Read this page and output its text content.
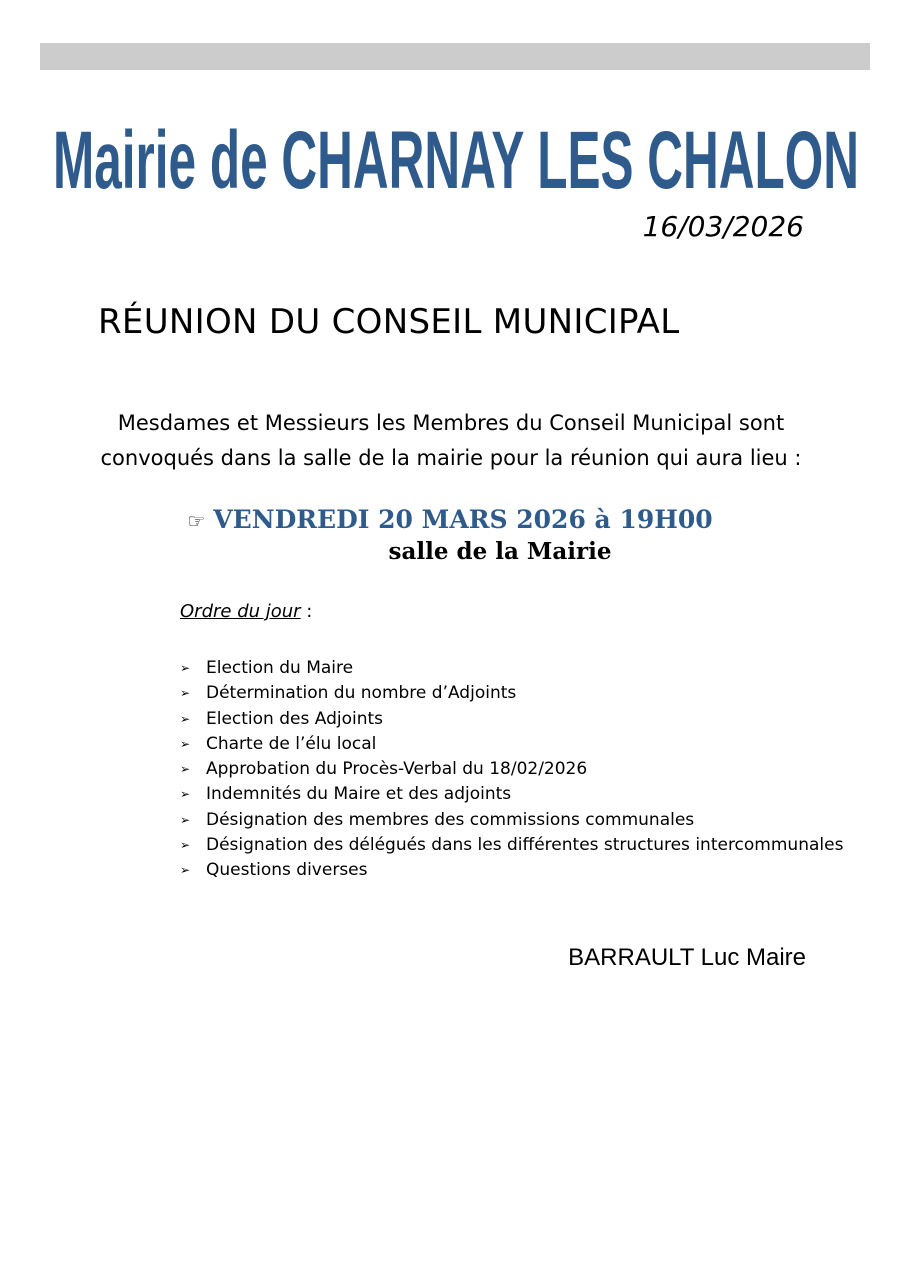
Mairie de CHARNAY LES CHALON
16/03/2026
RÉUNION DU CONSEIL MUNICIPAL
Mesdames et Messieurs les Membres du Conseil Municipal sont
convoqués dans la salle de la mairie pour la réunion qui aura lieu :
☞ VENDREDI 20 MARS 2026 à 19H00
salle de la Mairie
Ordre du jour :
➢ Election du Maire
➢ Détermination du nombre d’Adjoints
➢ Election des Adjoints
➢ Charte de l’élu local
➢ Approbation du Procès-Verbal du 18/02/2026
➢ Indemnités du Maire et des adjoints
➢ Désignation des membres des commissions communales
➢ Désignation des délégués dans les différentes structures intercommunales
➢ Questions diverses
BARRAULT Luc Maire
